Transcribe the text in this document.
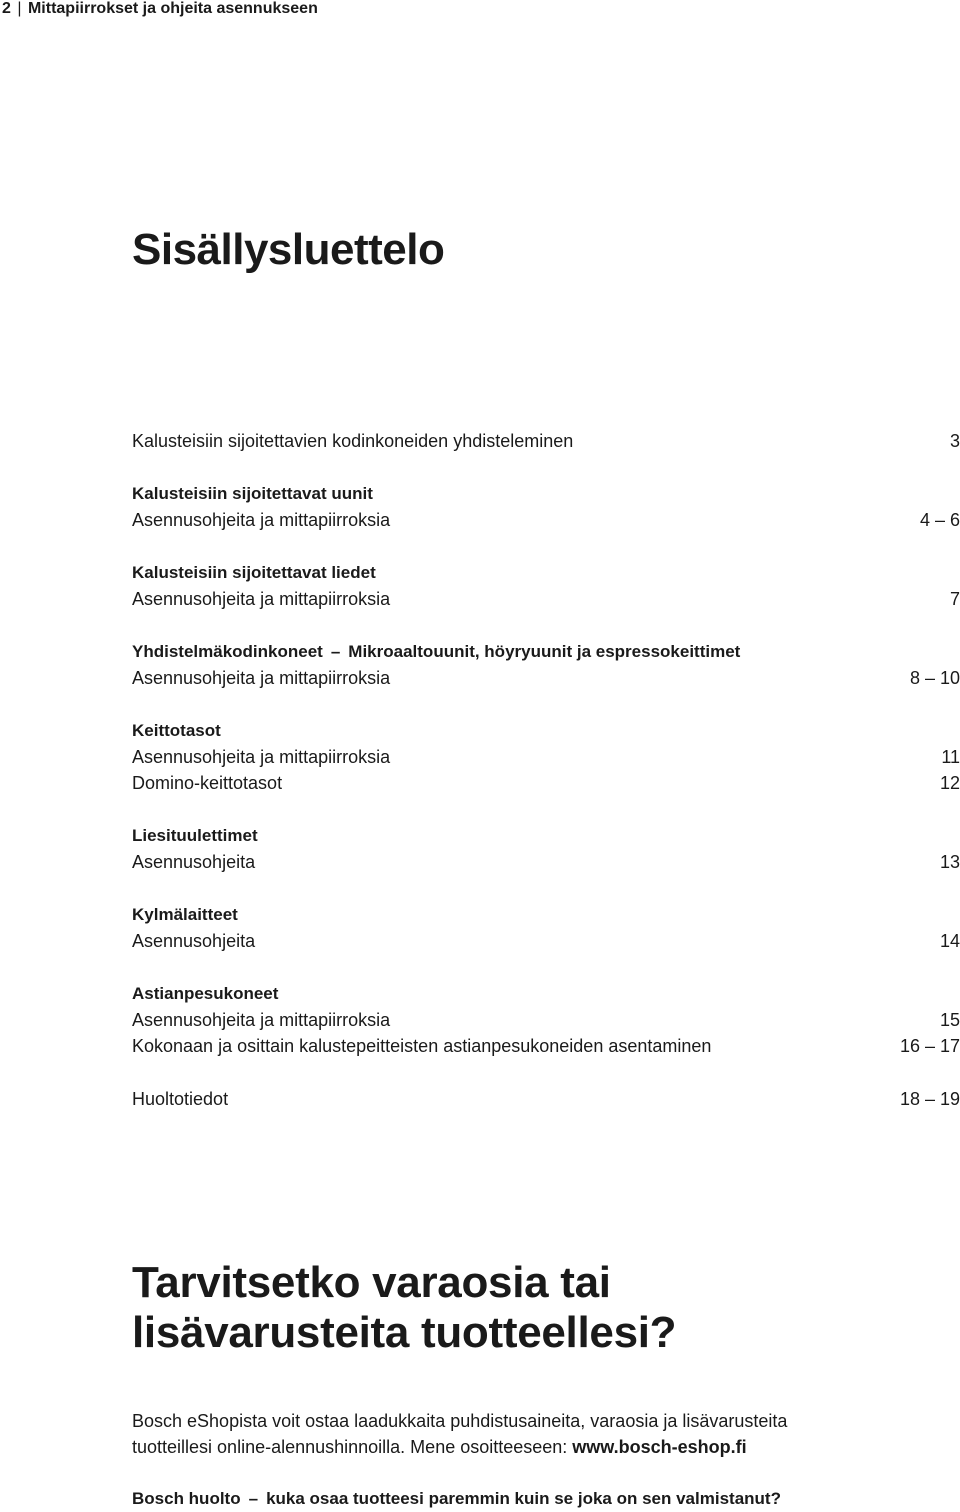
2 | Mittapiirrokset ja ohjeita asennukseen
Sisällysluettelo
Kalusteisiin sijoitettavien kodinkoneiden yhdisteleminen	3
Kalusteisiin sijoitettavat uunit
Asennusohjeita ja mittapiirroksia	4 – 6
Kalusteisiin sijoitettavat liedet
Asennusohjeita ja mittapiirroksia	7
Yhdistelmäkodinkoneet – Mikroaaltouunit, höyryuunit ja espressokeittimet
Asennusohjeita ja mittapiirroksia	8 – 10
Keittotasot
Asennusohjeita ja mittapiirroksia	11
Domino-keittotasot	12
Liesituulettimet
Asennusohjeita	13
Kylmälaitteet
Asennusohjeita	14
Astianpesukoneet
Asennusohjeita ja mittapiirroksia	15
Kokonaan ja osittain kalustepeitteisten astianpesukoneiden asentaminen	16 – 17
Huoltotiedot	18 – 19
Tarvitsetko varaosia tai
lisävarusteita tuotteellesi?

Bosch eShopista voit ostaa laadukkaita puhdistusaineita, varaosia ja lisävarusteita
tuotteillesi online-alennushinnoilla. Mene osoitteeseen: www.bosch-eshop.fi

Bosch huolto – kuka osaa tuotteesi paremmin kuin se joka on sen valmistanut?
